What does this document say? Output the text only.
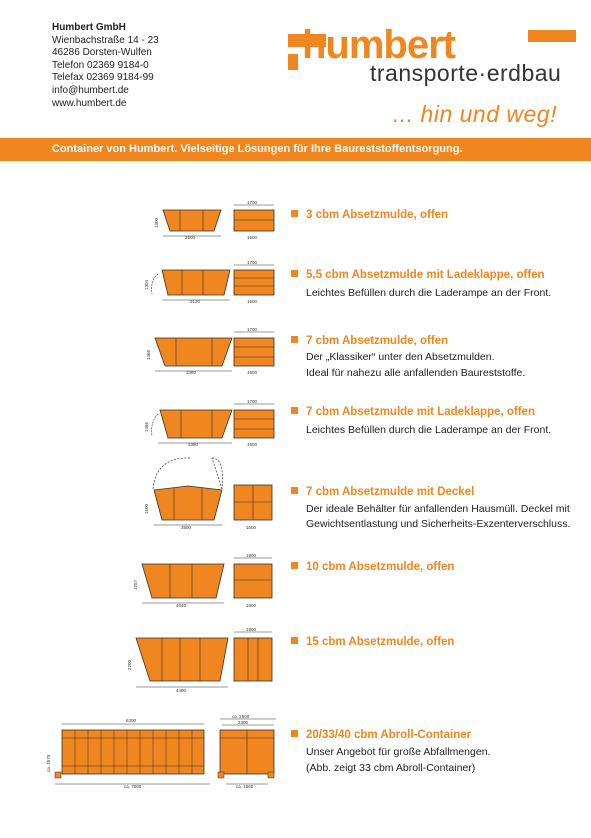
Humbert GmbH
Wienbachstraße 14 - 23
46286 Dorsten-Wulfen
Telefon 02369 9184-0
Telefax 02369 9184-99
info@humbert.de
www.humbert.de
humbert
transporte·erdbau
... hin und weg!
Container von Humbert. Vielseitige Lösungen für Ihre Baureststoffentsorgung.
2500
1300
1700
1600
3 cbm Absetzmulde, offen
3120
1304
1700
1600
5,5 cbm Absetzmulde mit Ladeklappe, offen
Leichtes Befüllen durch die Laderampe an der Front.
3380
1466
1700
1600
7 cbm Absetzmulde, offen
Der „Klassiker“ unter den Absetzmulden.
Ideal für nahezu alle anfallenden Baureststoffe.
3380
1466
1700
1600
7 cbm Absetzmulde mit Ladeklappe, offen
Leichtes Befüllen durch die Laderampe an der Front.
3590
1600
1600
7 cbm Absetzmulde mit Deckel
Der ideale Behälter für anfallenden Hausmüll. Deckel mit
Gewichtsentlastung und Sicherheits-Exzenterverschluss.
4040
1757
1900
1600
10 cbm Absetzmulde, offen
4400
2200
1900
15 cbm Absetzmulde, offen
6300
ca. 7000
ca. 1570
ca. 2500
2300
ca. 1560
20/33/40 cbm Abroll-Container
Unser Angebot für große Abfallmengen.
(Abb. zeigt 33 cbm Abroll-Container)
